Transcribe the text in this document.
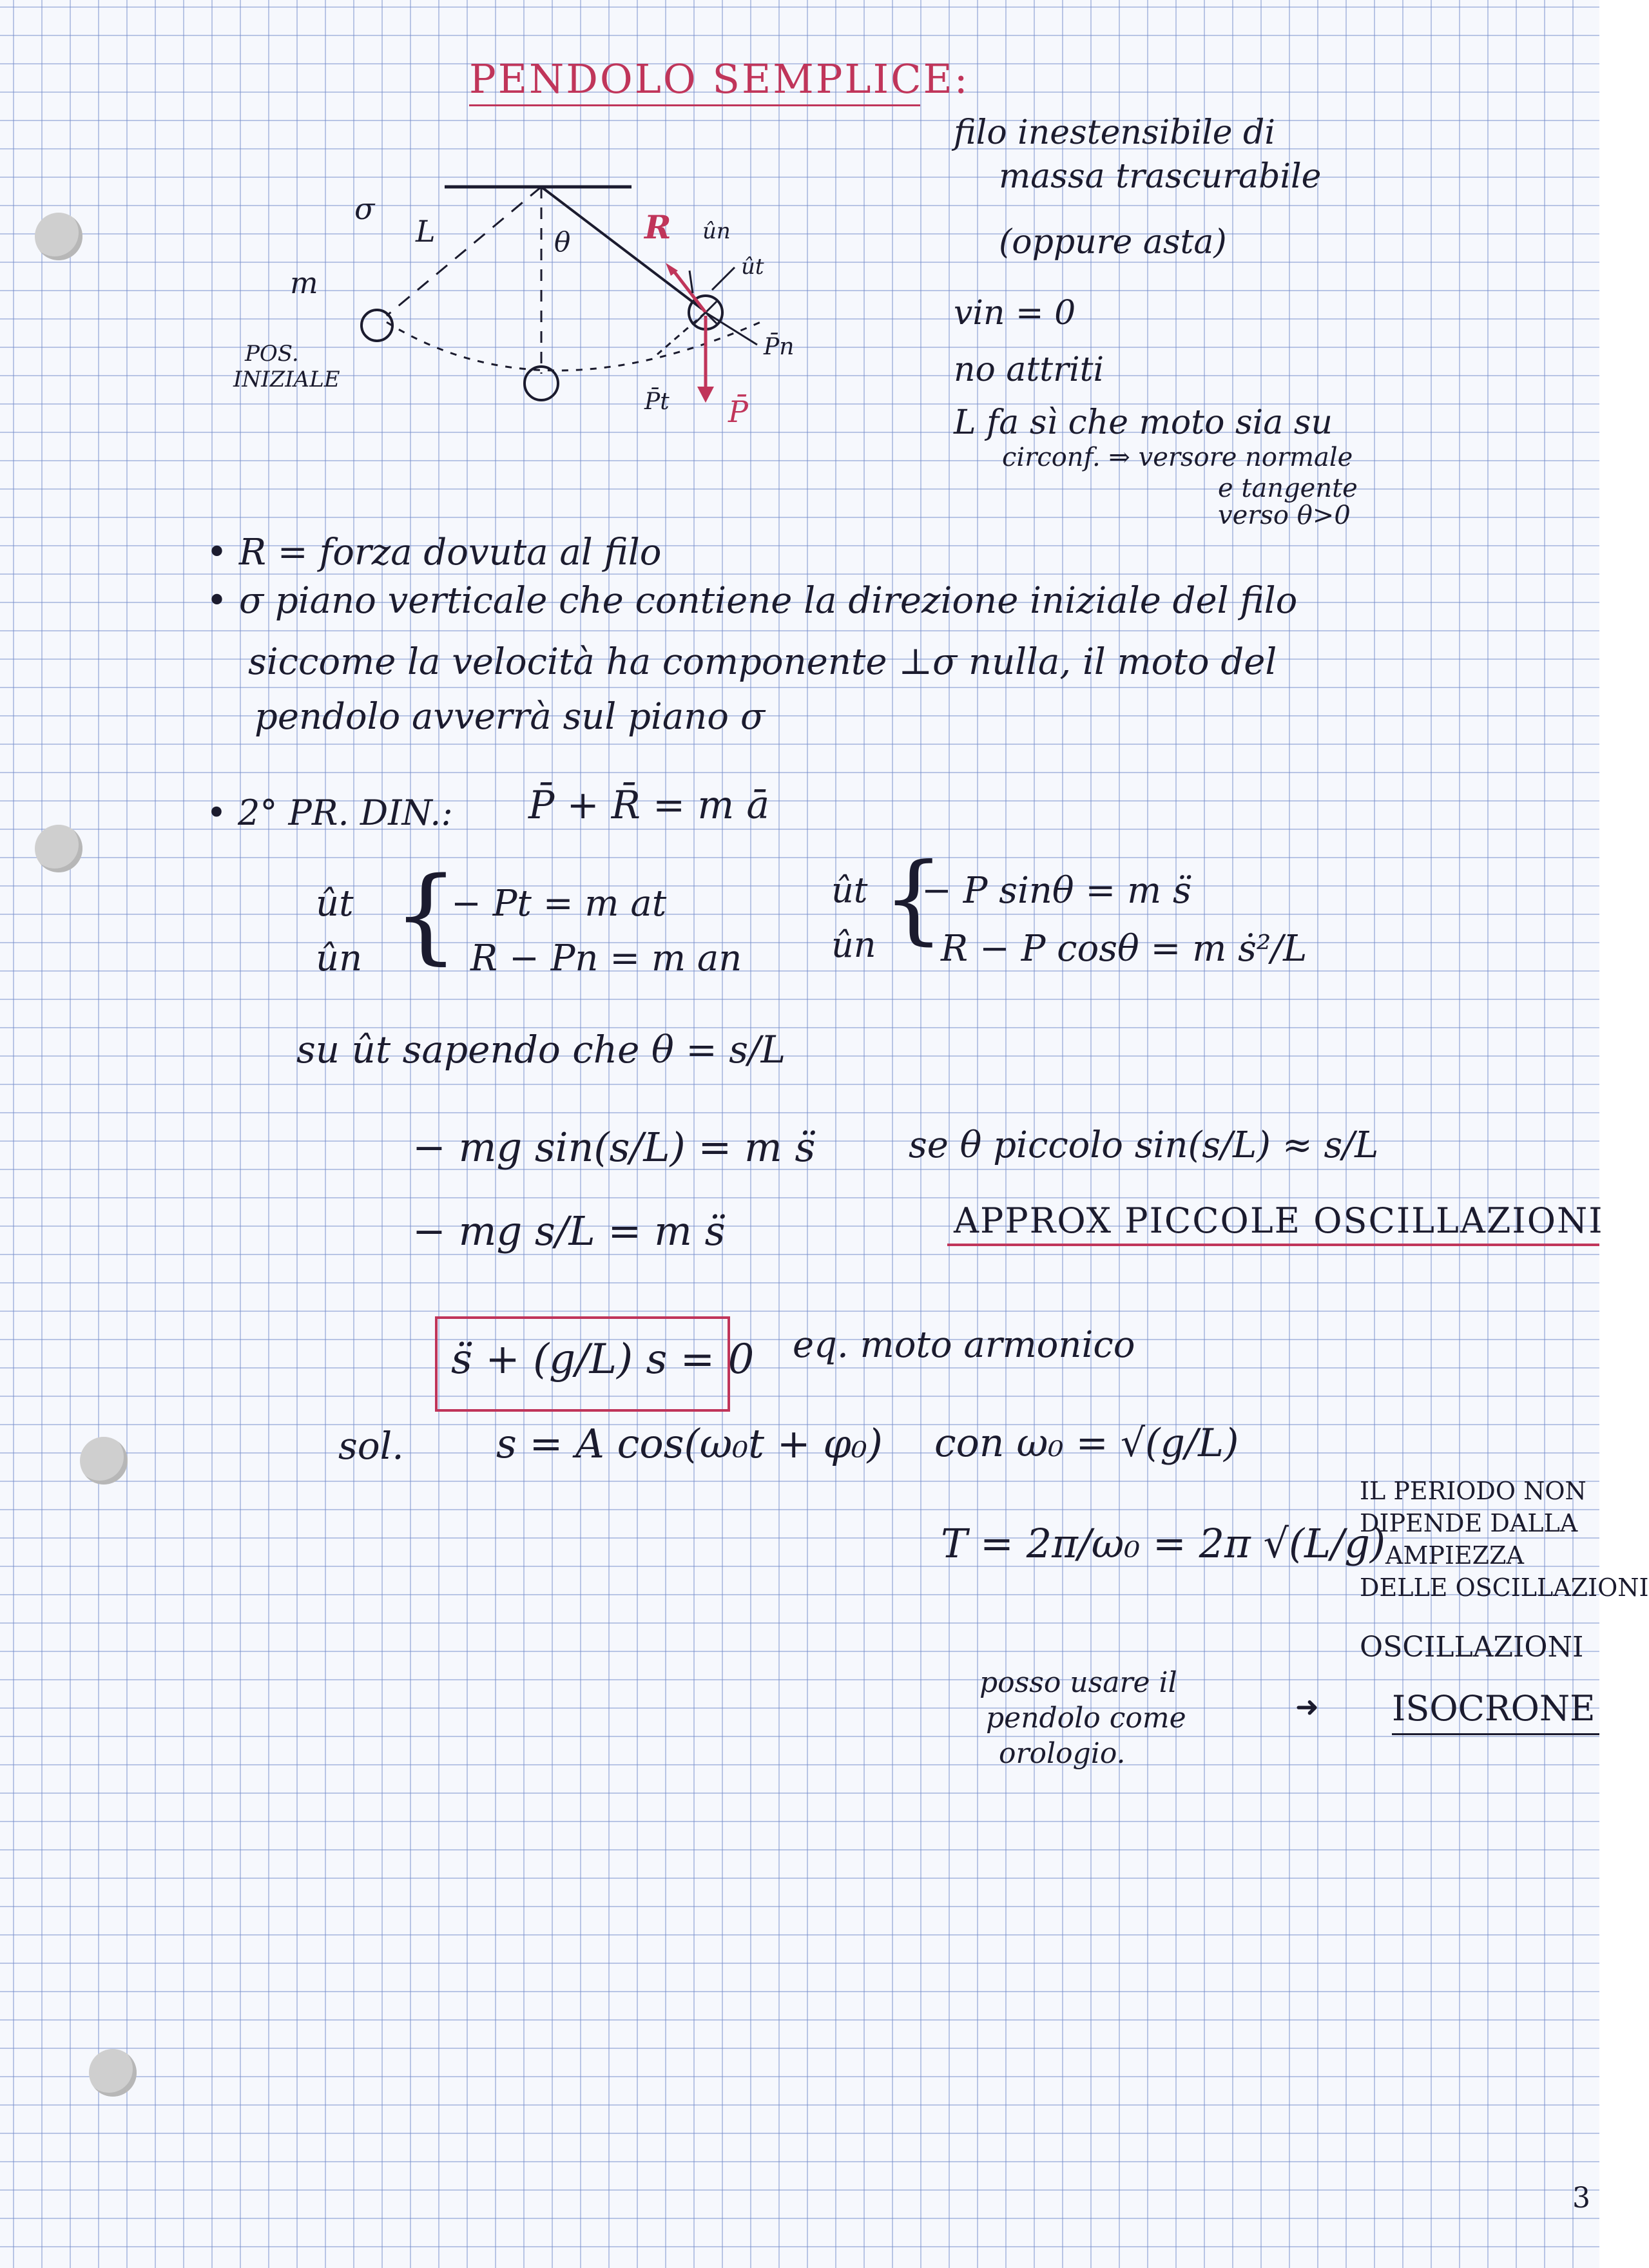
PENDOLO SEMPLICE:
σ
L
m
θ
POS.
INIZIALE
R ûn
ût
P̄n
P̄t P̄
filo inestensibile di
massa trascurabile
(oppure asta)
vin = 0
no attriti
L fa sì che moto sia su
circonf. ⇒ versore normale
e tangente
verso θ>0
• R = forza dovuta al filo
• σ piano verticale che contiene la direzione iniziale del filo
siccome la velocità ha componente ⊥σ nulla, il moto del
pendolo avverrà sul piano σ
• 2° PR. DIN.: P̄ + R̄ = m ā
ût
ûn {
− Pt = m at
R − Pn = m an
ût
ûn {
− P sinθ = m s̈
R − P cosθ = m ṡ²/L
su ût sapendo che θ = s/L
− mg sin(s/L) = m s̈	se θ piccolo sin(s/L) ≈ s/L
− mg s/L = m s̈	APPROX PICCOLE OSCILLAZIONI
s̈ + (g/L) s = 0 eq. moto armonico
sol. s = A cos(ω₀t + φ₀) con ω₀ = √(g/L)
T = 2π/ω₀ = 2π √(L/g)
IL PERIODO NON
DIPENDE DALLA
AMPIEZZA
DELLE OSCILLAZIONI
OSCILLAZIONI
➜ ISOCRONE
posso usare il
pendolo come
orologio.
3
